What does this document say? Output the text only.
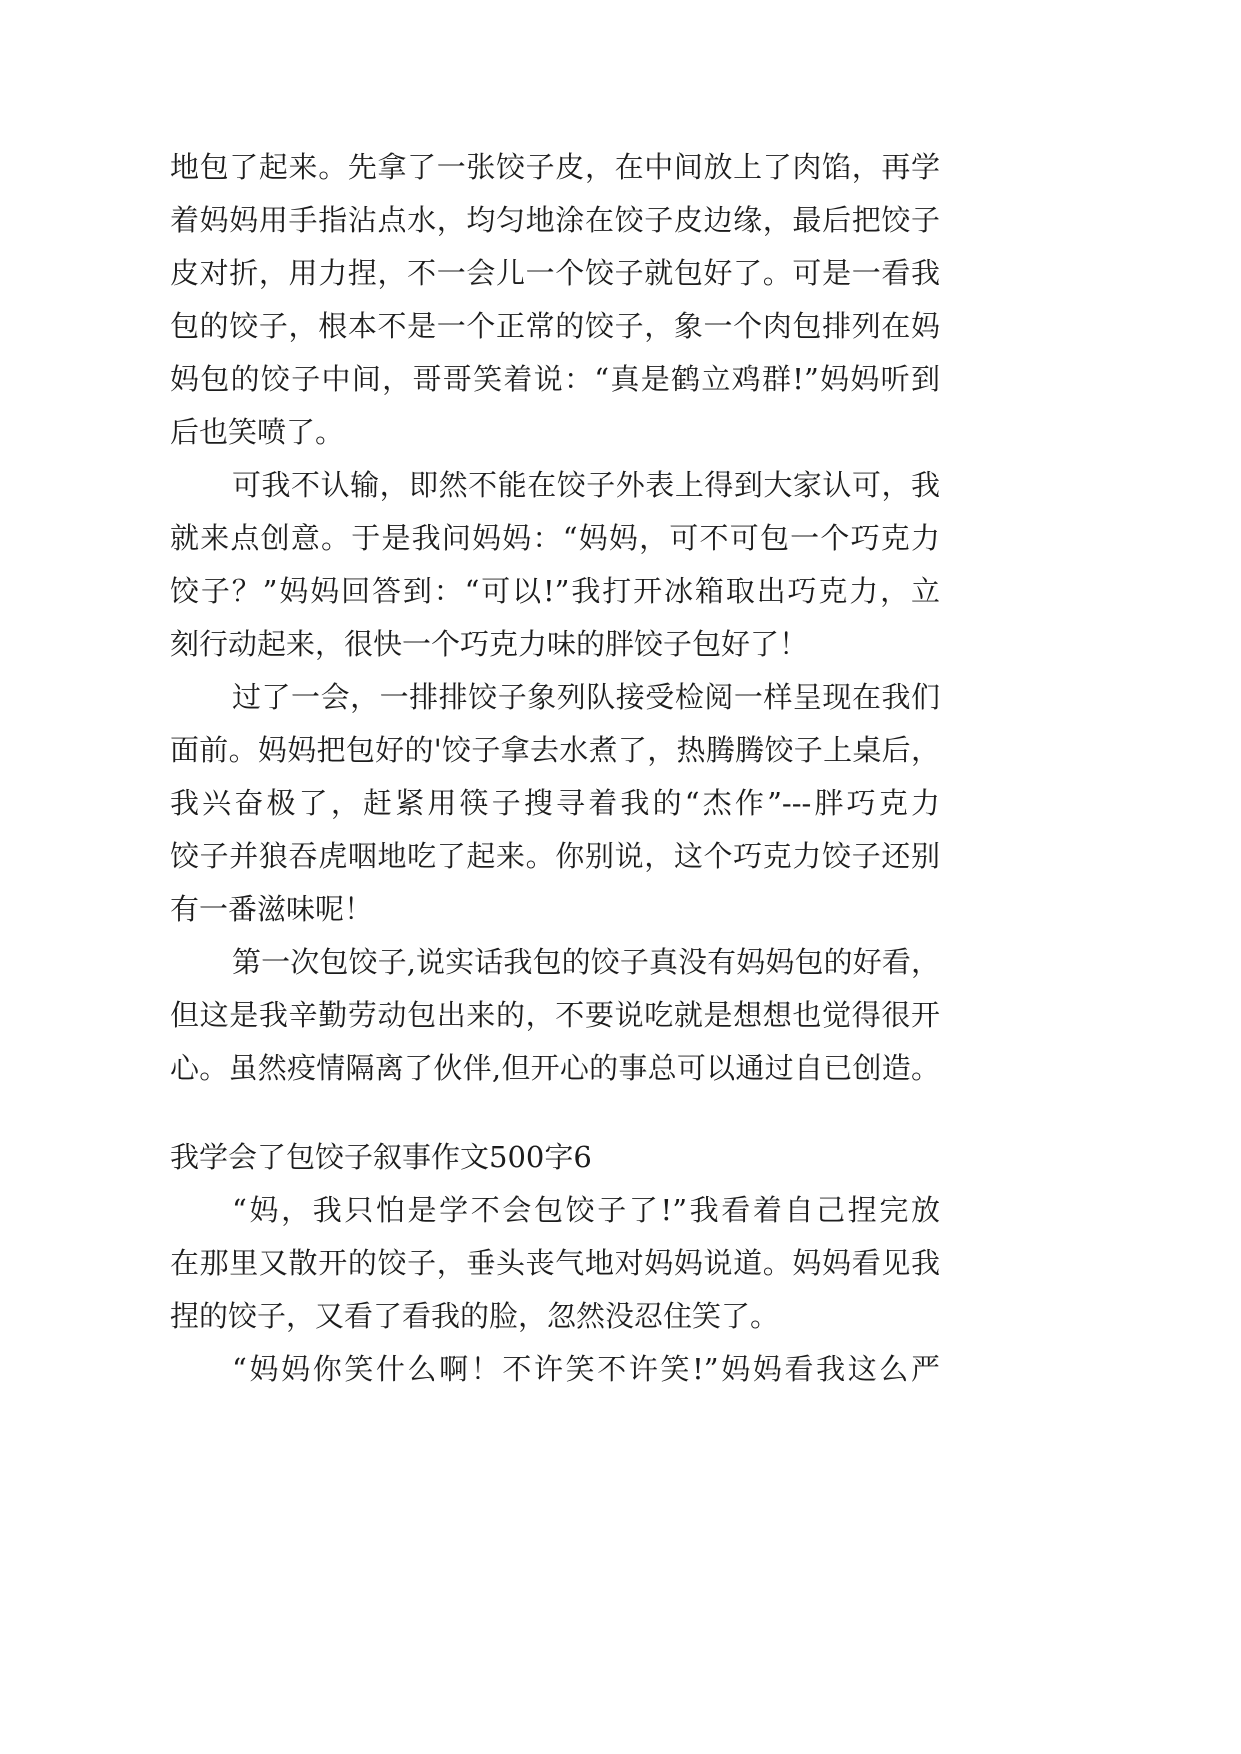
地包了起来。先拿了一张饺子皮，在中间放上了肉馅，再学
着妈妈用手指沾点水，均匀地涂在饺子皮边缘，最后把饺子
皮对折，用力捏，不一会儿一个饺子就包好了。可是一看我
包的饺子，根本不是一个正常的饺子，象一个肉包排列在妈
妈包的饺子中间，哥哥笑着说：“真是鹤立鸡群!”妈妈听到
后也笑喷了。
可我不认输，即然不能在饺子外表上得到大家认可，我
就来点创意。于是我问妈妈：“妈妈，可不可包一个巧克力
饺子？”妈妈回答到：“可以!”我打开冰箱取出巧克力，立
刻行动起来，很快一个巧克力味的胖饺子包好了！
过了一会，一排排饺子象列队接受检阅一样呈现在我们
面前。妈妈把包好的'饺子拿去水煮了，热腾腾饺子上桌后，
我兴奋极了，赶紧用筷子搜寻着我的“杰作”---胖巧克力
饺子并狼吞虎咽地吃了起来。你别说，这个巧克力饺子还别
有一番滋味呢！
第一次包饺子,说实话我包的饺子真没有妈妈包的好看，
但这是我辛勤劳动包出来的，不要说吃就是想想也觉得很开
心。虽然疫情隔离了伙伴,但开心的事总可以通过自已创造。
我学会了包饺子叙事作文500字6
“妈，我只怕是学不会包饺子了!”我看着自己捏完放
在那里又散开的饺子，垂头丧气地对妈妈说道。妈妈看见我
捏的饺子，又看了看我的脸，忽然没忍住笑了。
“妈妈你笑什么啊！不许笑不许笑!”妈妈看我这么严
